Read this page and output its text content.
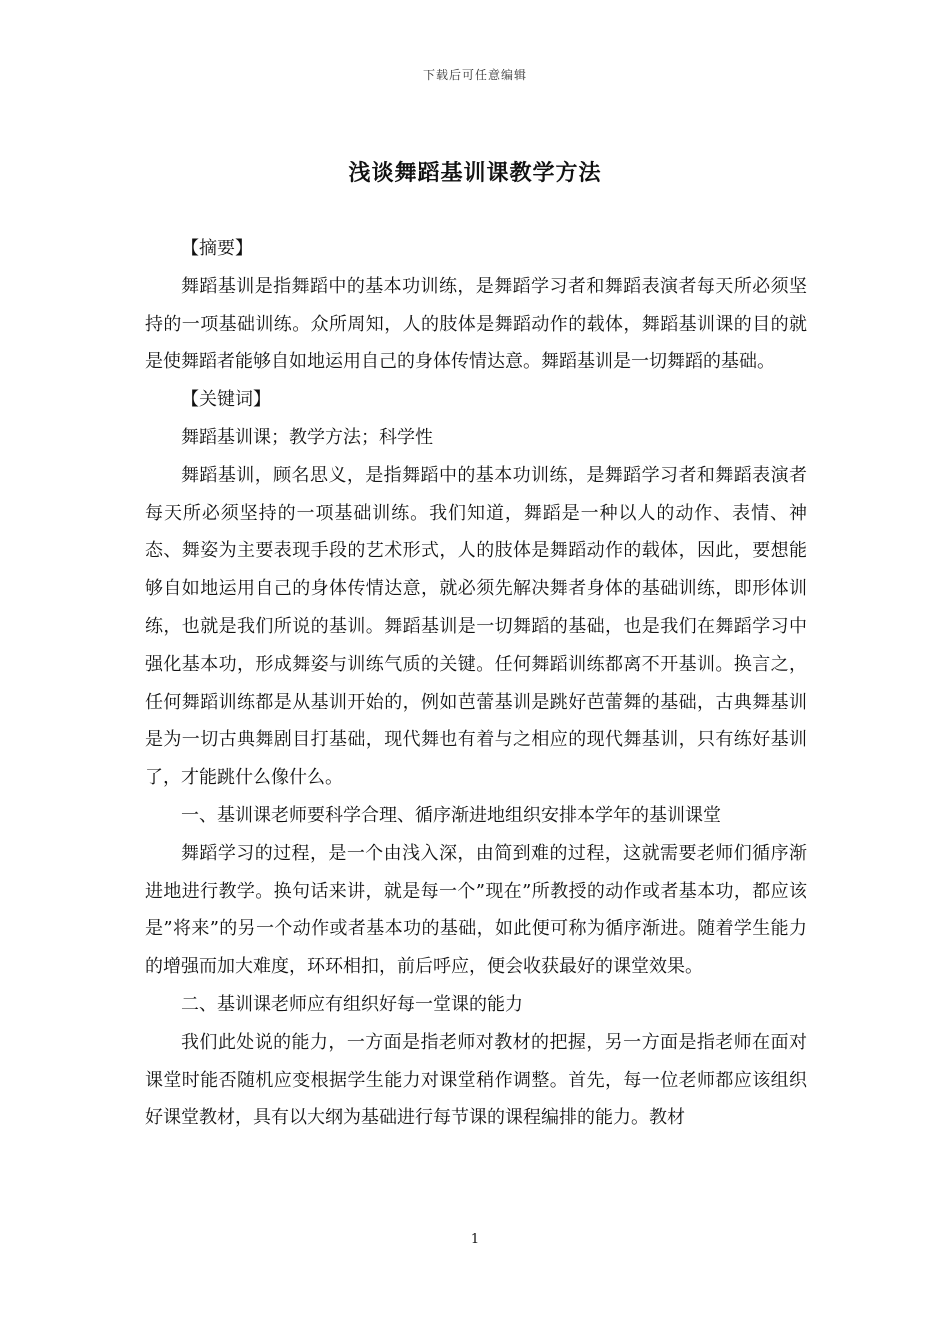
下载后可任意编辑
浅谈舞蹈基训课教学方法

【摘要】

舞蹈基训是指舞蹈中的基本功训练，是舞蹈学习者和舞蹈表演者每天所必须坚持的一项基础训练。众所周知，人的肢体是舞蹈动作的载体，舞蹈基训课的目的就是使舞蹈者能够自如地运用自己的身体传情达意。舞蹈基训是一切舞蹈的基础。

【关键词】

舞蹈基训课；教学方法；科学性

舞蹈基训，顾名思义，是指舞蹈中的基本功训练，是舞蹈学习者和舞蹈表演者每天所必须坚持的一项基础训练。我们知道，舞蹈是一种以人的动作、表情、神态、舞姿为主要表现手段的艺术形式，人的肢体是舞蹈动作的载体，因此，要想能够自如地运用自己的身体传情达意，就必须先解决舞者身体的基础训练，即形体训练，也就是我们所说的基训。舞蹈基训是一切舞蹈的基础，也是我们在舞蹈学习中强化基本功，形成舞姿与训练气质的关键。任何舞蹈训练都离不开基训。换言之，任何舞蹈训练都是从基训开始的，例如芭蕾基训是跳好芭蕾舞的基础，古典舞基训是为一切古典舞剧目打基础，现代舞也有着与之相应的现代舞基训，只有练好基训了，才能跳什么像什么。

一、基训课老师要科学合理、循序渐进地组织安排本学年的基训课堂

舞蹈学习的过程，是一个由浅入深，由简到难的过程，这就需要老师们循序渐进地进行教学。换句话来讲，就是每一个”现在”所教授的动作或者基本功，都应该是”将来”的另一个动作或者基本功的基础，如此便可称为循序渐进。随着学生能力的增强而加大难度，环环相扣，前后呼应，便会收获最好的课堂效果。

二、基训课老师应有组织好每一堂课的能力

我们此处说的能力，一方面是指老师对教材的把握，另一方面是指老师在面对课堂时能否随机应变根据学生能力对课堂稍作调整。首先，每一位老师都应该组织好课堂教材，具有以大纲为基础进行每节课的课程编排的能力。教材

1
